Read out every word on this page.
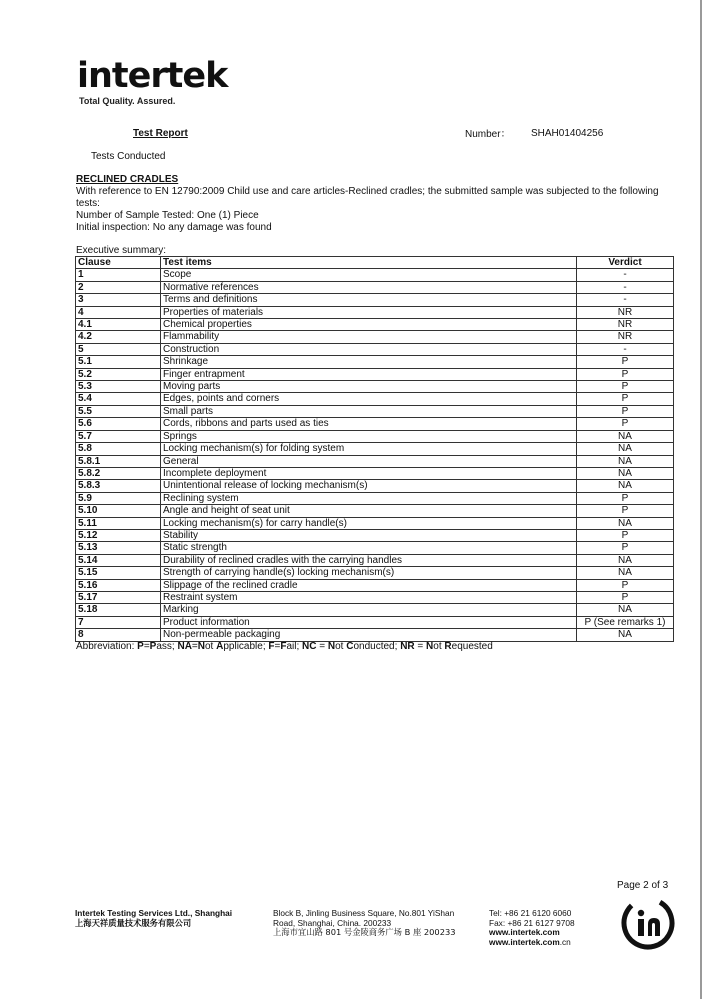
intertek
Total Quality. Assured.
Test Report	Number： SHAH01404256
Tests Conducted
RECLINED CRADLES
With reference to EN 12790:2009 Child use and care articles-Reclined cradles; the submitted sample was subjected to the following tests:
Number of Sample Tested: One (1) Piece
Initial inspection: No any damage was found
Executive summary:
Clause	Test items	Verdict
1	Scope	-
2	Normative references	-
3	Terms and definitions	-
4	Properties of materials	NR
4.1	Chemical properties	NR
4.2	Flammability	NR
5	Construction	-
5.1	Shrinkage	P
5.2	Finger entrapment	P
5.3	Moving parts	P
5.4	Edges, points and corners	P
5.5	Small parts	P
5.6	Cords, ribbons and parts used as ties	P
5.7	Springs	NA
5.8	Locking mechanism(s) for folding system	NA
5.8.1	General	NA
5.8.2	Incomplete deployment	NA
5.8.3	Unintentional release of locking mechanism(s)	NA
5.9	Reclining system	P
5.10	Angle and height of seat unit	P
5.11	Locking mechanism(s) for carry handle(s)	NA
5.12	Stability	P
5.13	Static strength	P
5.14	Durability of reclined cradles with the carrying handles	NA
5.15	Strength of carrying handle(s) locking mechanism(s)	NA
5.16	Slippage of the reclined cradle	P
5.17	Restraint system	P
5.18	Marking	NA
7	Product information	P (See remarks 1)
8	Non-permeable packaging	NA
Abbreviation: P=Pass; NA=Not Applicable; F=Fail; NC = Not Conducted; NR = Not Requested
Page 2 of 3
Intertek Testing Services Ltd., Shanghai
上海天祥质量技术服务有限公司
Block B, Jinling Business Square, No.801 YiShan
Road, Shanghai, China. 200233
上海市宜山路 801 号金陵商务广场 B 座 200233
Tel: +86 21 6120 6060
Fax: +86 21 6127 9708
www.intertek.com
www.intertek.com.cn
